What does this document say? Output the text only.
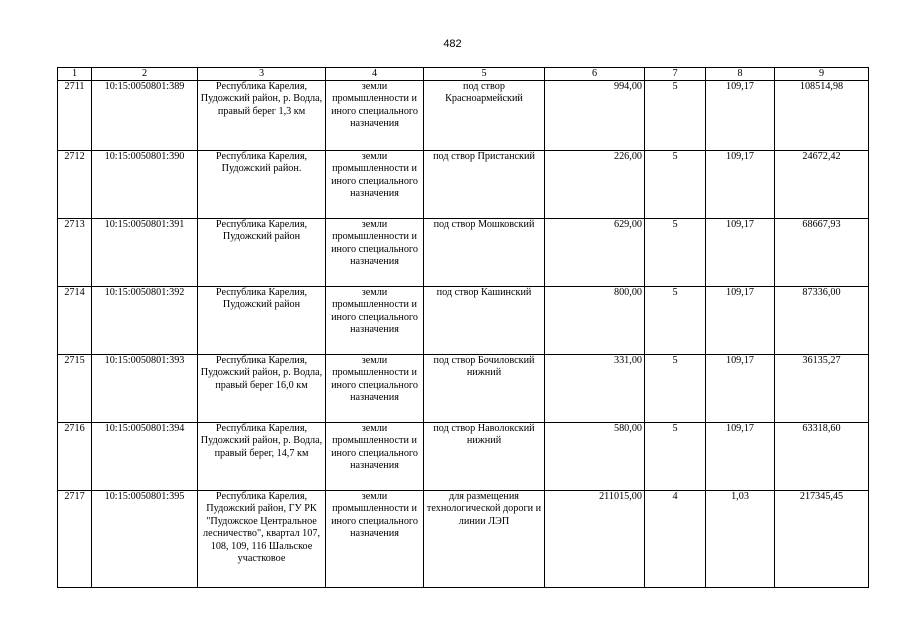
482
1	2	3	4	5	6	7	8	9
2711	10:15:0050801:389	Республика Карелия, Пудожский район, р. Водла, правый берег 1,3 км	земли промышленности и иного специального назначения	под створ Красноармейский	994,00	5	109,17	108514,98
2712	10:15:0050801:390	Республика Карелия, Пудожский район.	земли промышленности и иного специального назначения	под створ Пристанский	226,00	5	109,17	24672,42
2713	10:15:0050801:391	Республика Карелия, Пудожский район	земли промышленности и иного специального назначения	под створ Мошковский	629,00	5	109,17	68667,93
2714	10:15:0050801:392	Республика Карелия, Пудожский район	земли промышленности и иного специального назначения	под створ Кашинский	800,00	5	109,17	87336,00
2715	10:15:0050801:393	Республика Карелия, Пудожский район, р. Водла, правый берег 16,0 км	земли промышленности и иного специального назначения	под створ Бочиловский нижний	331,00	5	109,17	36135,27
2716	10:15:0050801:394	Республика Карелия, Пудожский район, р. Водла, правый берег, 14,7 км	земли промышленности и иного специального назначения	под створ Наволокский нижний	580,00	5	109,17	63318,60
2717	10:15:0050801:395	Республика Карелия, Пудожский район, ГУ РК "Пудожское Центральное лесничество", квартал 107, 108, 109, 116 Шальское участковое	земли промышленности и иного специального назначения	для размещения технологической дороги и линии ЛЭП	211015,00	4	1,03	217345,45
